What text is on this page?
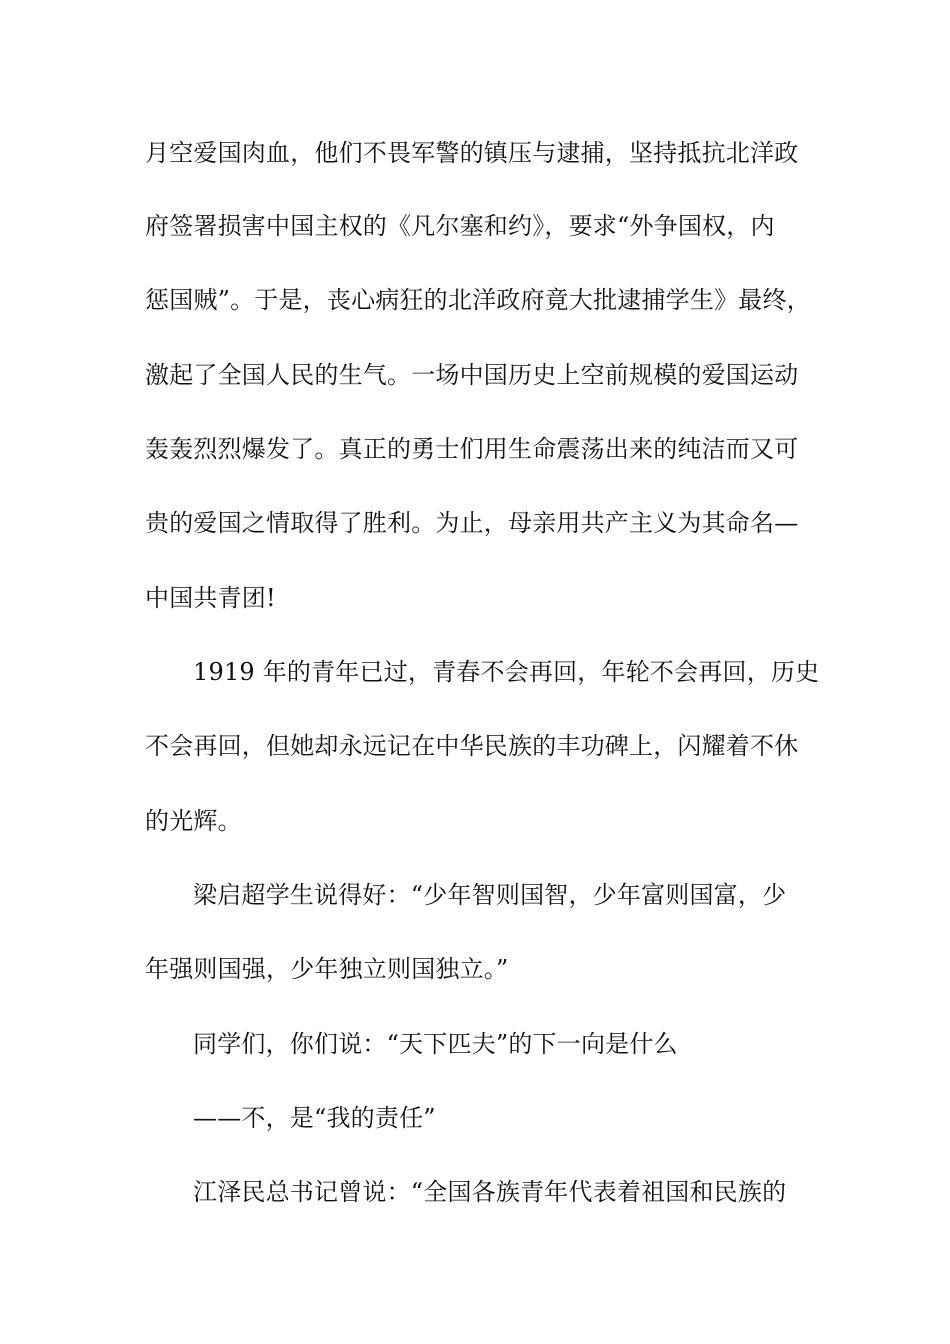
月空爱国肉血，他们不畏军警的镇压与逮捕，坚持抵抗北洋政
府签署损害中国主权的《凡尔塞和约》，要求“外争国权，内
惩国贼”。于是，丧心病狂的北洋政府竟大批逮捕学生》最终，
激起了全国人民的生气。一场中国历史上空前规模的爱国运动
轰轰烈烈爆发了。真正的勇士们用生命震荡出来的纯洁而又可
贵的爱国之情取得了胜利。为止，母亲用共产主义为其命名—
中国共青团!
1919 年的青年已过，青春不会再回，年轮不会再回，历史
不会再回，但她却永远记在中华民族的丰功碑上，闪耀着不休
的光辉。
梁启超学生说得好：“少年智则国智，少年富则国富，少
年强则国强，少年独立则国独立。”
同学们，你们说：“天下匹夫”的下一向是什么
——不，是“我的责任”
江泽民总书记曾说：“全国各族青年代表着祖国和民族的
